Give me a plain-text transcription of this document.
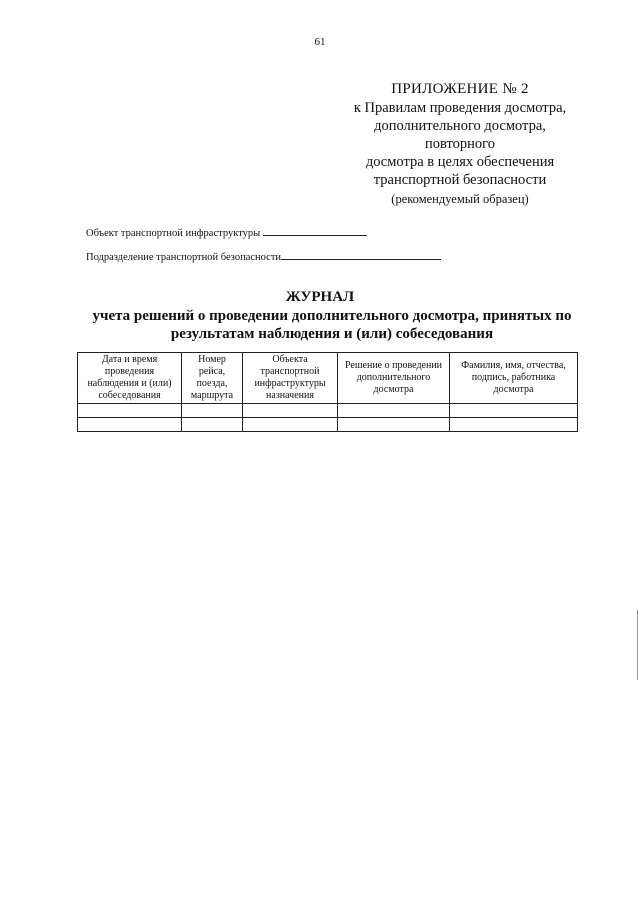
61
ПРИЛОЖЕНИЕ № 2
к Правилам проведения досмотра,
дополнительного досмотра,
повторного
досмотра в целях обеспечения
транспортной безопасности
(рекомендуемый образец)
Объект транспортной инфраструктуры
Подразделение транспортной безопасности
ЖУРНАЛ
учета решений о проведении дополнительного досмотра, принятых по результатам наблюдения и (или) собеседования
Дата и время проведения наблюдения и (или) собеседования	Номер рейса, поезда, маршрута	Объекта транспортной инфраструктуры назначения	Решение о проведении дополнительного досмотра	Фамилия, имя, отчества, подпись, работника досмотра
